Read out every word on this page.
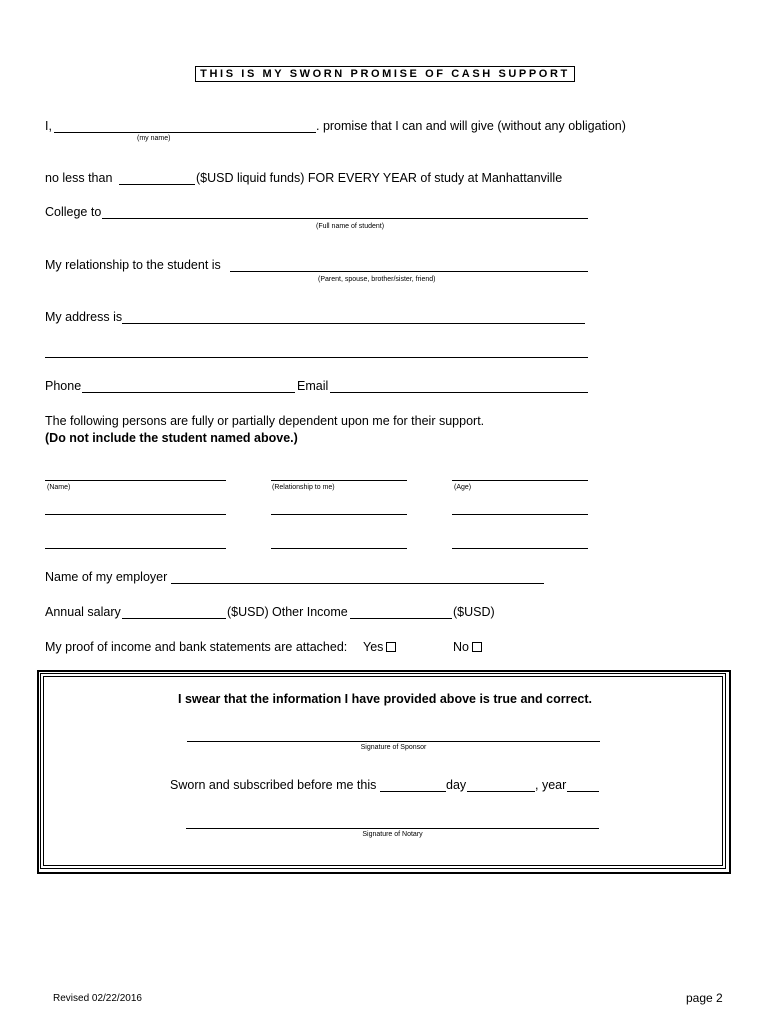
THIS IS MY SWORN PROMISE OF CASH SUPPORT
I,	. promise that I can and will give (without any obligation)
(my name)
no less than	($USD liquid funds) FOR EVERY YEAR of study at Manhattanville
College to
(Full name of student)
My relationship to the student is
(Parent, spouse, brother/sister, friend)
My address is
Phone	Email
The following persons are fully or partially dependent upon me for their support.
(Do not include the student named above.)
(Name)	(Relationship to me)	(Age)
Name of my employer
Annual salary	($USD) Other Income	($USD)
My proof of income and bank statements are attached: Yes	No
I swear that the information I have provided above is true and correct.
Signature of Sponsor
Sworn and subscribed before me this	day	, year
Signature of Notary
Revised 02/22/2016	page 2
